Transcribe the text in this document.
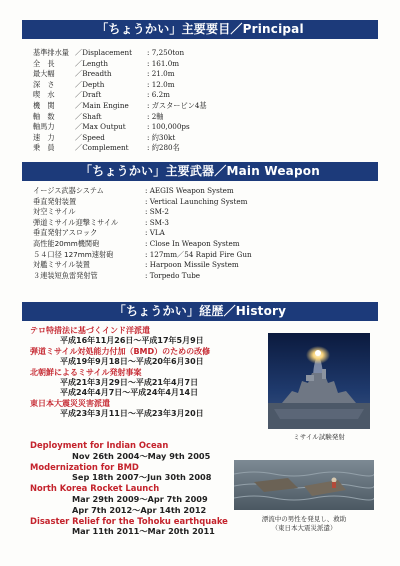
「ちょうかい」主要要目／Principal
基準排水量 ／Displacement	: 7,250ton
全　長	／Length	: 161.0m
最大幅	／Breadth	: 21.0m
深　さ	／Depth	: 12.0m
喫　水	／Draft	: 6.2m
機　関	／Main Engine	: ガスタービン4基
軸　数	／Shaft	: 2軸
軸馬力	／Max Output	: 100,000ps
速　力	／Speed	: 約30kt
乗　員	／Complement	: 約280名
「ちょうかい」主要武器／Main Weapon
イージス武器システム	: AEGIS Weapon System
垂直発射装置	: Vertical Launching System
対空ミサイル	: SM-2
弾道ミサイル迎撃ミサイル	: SM-3
垂直発射アスロック	: VLA
高性能20mm機関砲	: Close In Weapon System
５４口径 127mm速射砲	: 127mm／54 Rapid Fire Gun
対艦ミサイル装置	: Harpoon Missile System
３連装短魚雷発射管	: Torpedo Tube
「ちょうかい」経歴／History
テロ特措法に基づくインド洋派遣
平成16年11月26日～平成17年5月9日
弾道ミサイル対処能力付加（BMD）のための改修
平成19年9月18日～平成20年6月30日
北朝鮮によるミサイル発射事案
平成21年3月29日～平成21年4月7日
平成24年4月7日～平成24年4月14日
東日本大震災災害派遣
平成23年3月11日～平成23年3月20日
Deployment for Indian Ocean
Nov 26th 2004～May 9th 2005
Modernization for BMD
Sep 18th 2007～Jun 30th 2008
North Korea Rocket Launch
Mar 29th 2009～Apr 7th 2009
Apr 7th 2012～Apr 14th 2012
Disaster Relief for the Tohoku earthquake
Mar 11th 2011～Mar 20th 2011
ミサイル試験発射
漂流中の男性を発見し、救助
（東日本大震災派遣）
